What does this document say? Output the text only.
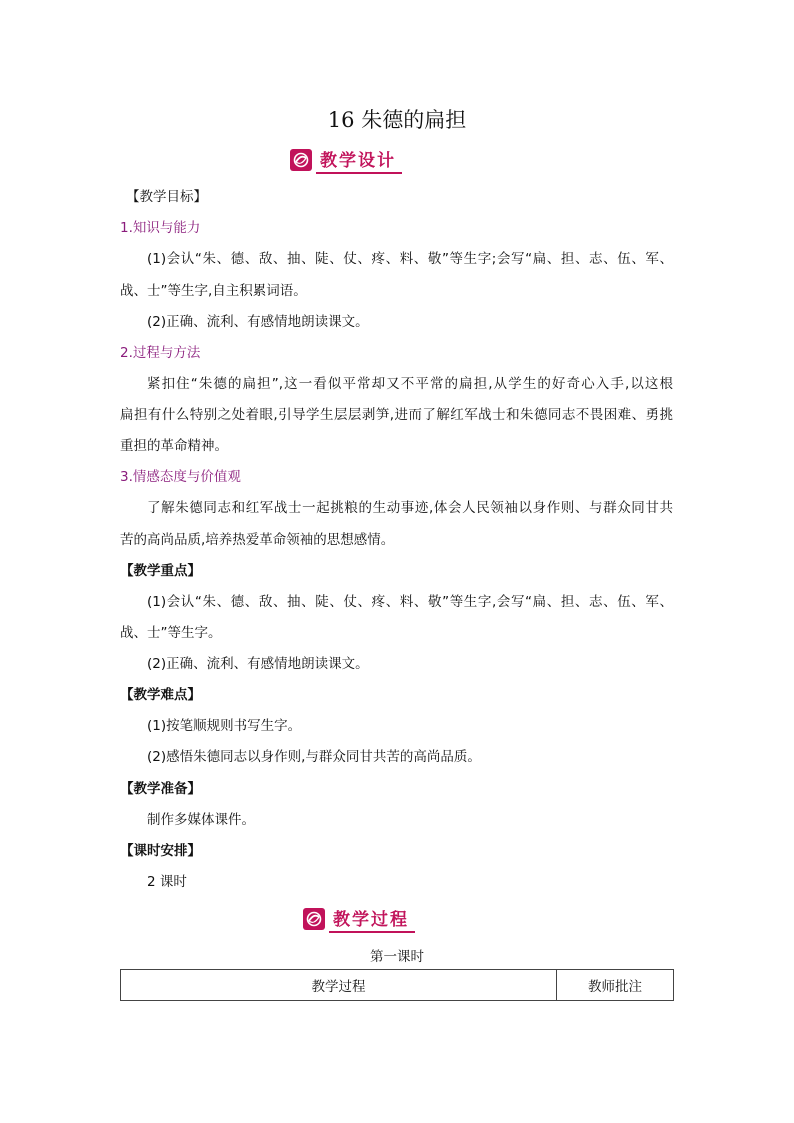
16 朱德的扁担
教学设计
【教学目标】
1.知识与能力
(1)会认“朱、德、敌、抽、陡、仗、疼、料、敬”等生字;会写“扁、担、志、伍、军、
战、士”等生字,自主积累词语。
(2)正确、流利、有感情地朗读课文。
2.过程与方法
紧扣住“朱德的扁担”,这一看似平常却又不平常的扁担,从学生的好奇心入手,以这根
扁担有什么特别之处着眼,引导学生层层剥笋,进而了解红军战士和朱德同志不畏困难、勇挑
重担的革命精神。
3.情感态度与价值观
了解朱德同志和红军战士一起挑粮的生动事迹,体会人民领袖以身作则、与群众同甘共
苦的高尚品质,培养热爱革命领袖的思想感情。
【教学重点】
(1)会认“朱、德、敌、抽、陡、仗、疼、料、敬”等生字,会写“扁、担、志、伍、军、
战、士”等生字。
(2)正确、流利、有感情地朗读课文。
【教学难点】
(1)按笔顺规则书写生字。
(2)感悟朱德同志以身作则,与群众同甘共苦的高尚品质。
【教学准备】
制作多媒体课件。
【课时安排】
2 课时
教学过程
第一课时
教学过程	教师批注
